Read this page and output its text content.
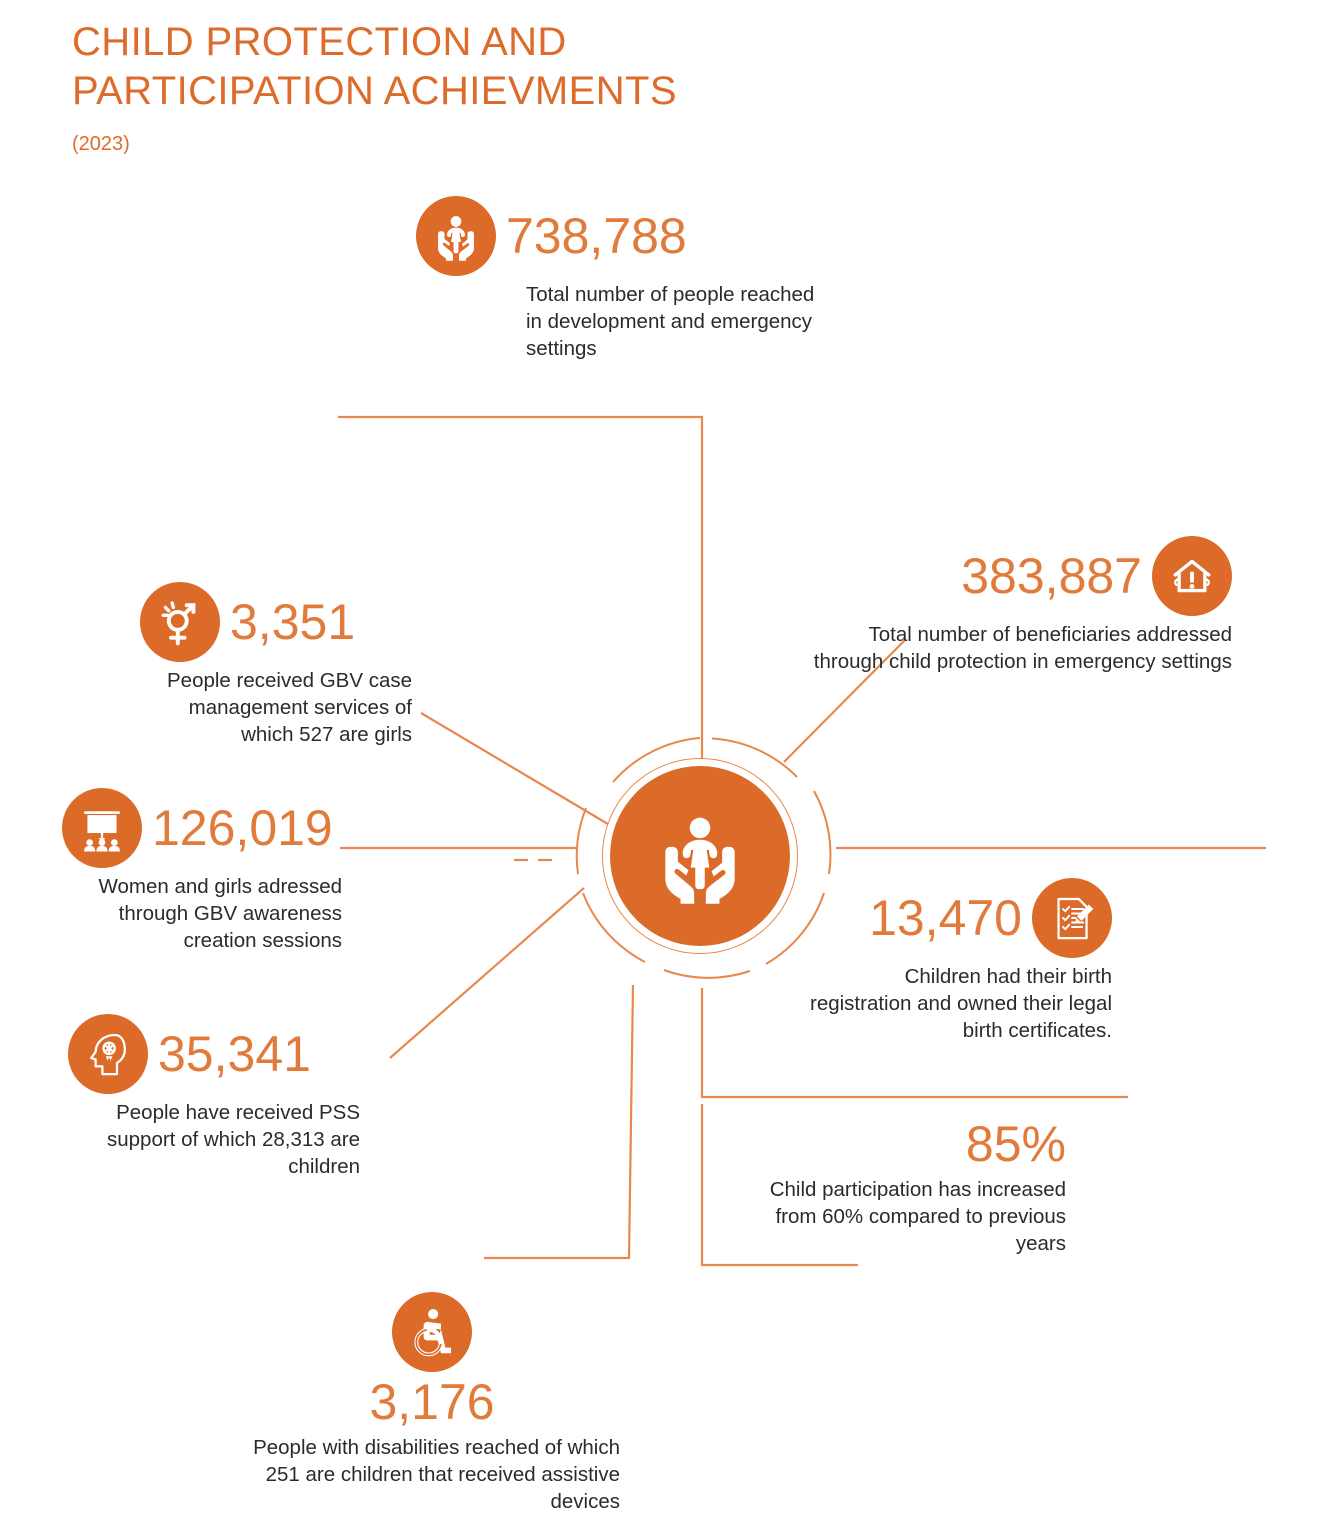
CHILD PROTECTION AND
PARTICIPATION ACHIEVMENTS
(2023)
738,788
Total number of people reached in development and emergency settings
383,887
Total number of beneficiaries addressed through child protection in emergency settings
3,351
People received GBV case management services of which 527 are girls
126,019
Women and girls adressed through GBV awareness creation sessions
35,341
People have received PSS support of which 28,313 are children
13,470
Children had their birth registration and owned their legal birth certificates.
85%
Child participation has increased from 60% compared to previous years
3,176
People with disabilities reached of which 251 are children that received assistive devices
